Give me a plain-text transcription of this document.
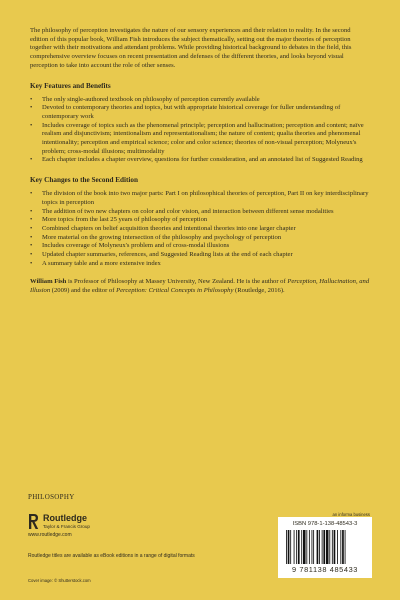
The philosophy of perception investigates the nature of our sensory experiences and their relation to reality. In the second edition of this popular book, William Fish introduces the subject thematically, setting out the major theories of perception together with their motivations and attendant problems. While providing historical background to debates in the field, this comprehensive overview focuses on recent presentation and defenses of the different theories, and looks beyond visual perception to take into account the role of other senses.

Key Features and Benefits
• The only single-authored textbook on philosophy of perception currently available
• Devoted to contemporary theories and topics, but with appropriate historical coverage for fuller understanding of contemporary work
• Includes coverage of topics such as the phenomenal principle; perception and hallucination; perception and content; naïve realism and disjunctivism; intentionalism and representationalism; the nature of content; qualia theories and phenomenal intentionality; perception and empirical science; color and color science; theories of non-visual perception; Molyneux's problem; cross-modal illusions; multimodality
• Each chapter includes a chapter overview, questions for further consideration, and an annotated list of Suggested Reading
Key Changes to the Second Edition
• The division of the book into two major parts: Part I on philosophical theories of perception, Part II on key interdisciplinary topics in perception
• The addition of two new chapters on color and color vision, and interaction between different sense modalities
• More topics from the last 25 years of philosophy of perception
• Combined chapters on belief acquisition theories and intentional theories into one larger chapter
• More material on the growing intersection of the philosophy and psychology of perception
• Includes coverage of Molyneux's problem and of cross-modal illusions
• Updated chapter summaries, references, and Suggested Reading lists at the end of each chapter
• A summary table and a more extensive index

William Fish is Professor of Philosophy at Massey University, New Zealand. He is the author of Perception, Hallucination, and Illusion (2009) and the editor of Perception: Critical Concepts in Philosophy (Routledge, 2016).

PHILOSOPHY
Routledge
Taylor & Francis Group
www.routledge.com
Routledge titles are available as eBook editions in a range of digital formats
Cover image: © Shutterstock.com
an informa business
ISBN 978-1-138-48543-3
9 781138 485433
